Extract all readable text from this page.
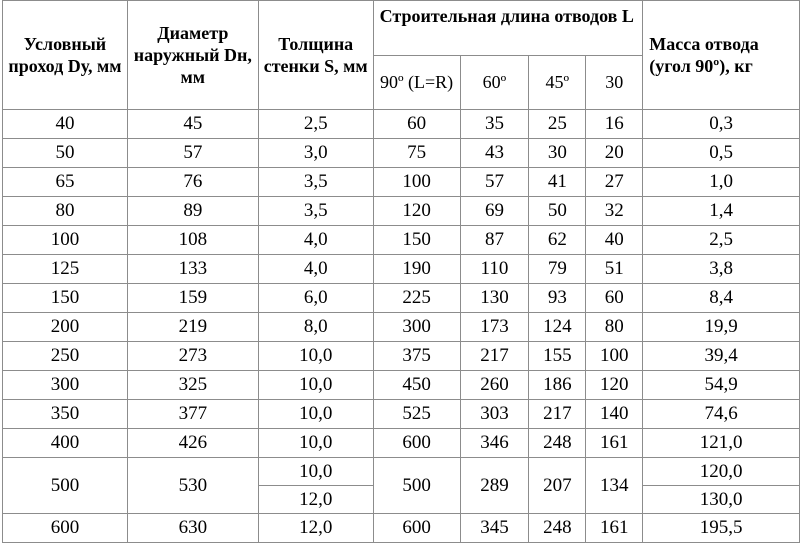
Условный проход Dу, мм	Диаметр наружный Dн, мм	Толщина стенки S, мм	Строительная длина отводов L				Масса отвода (угол 90º), кг
			90º (L=R)	60º	45º	30	
40	45	2,5	60	35	25	16	0,3
50	57	3,0	75	43	30	20	0,5
65	76	3,5	100	57	41	27	1,0
80	89	3,5	120	69	50	32	1,4
100	108	4,0	150	87	62	40	2,5
125	133	4,0	190	110	79	51	3,8
150	159	6,0	225	130	93	60	8,4
200	219	8,0	300	173	124	80	19,9
250	273	10,0	375	217	155	100	39,4
300	325	10,0	450	260	186	120	54,9
350	377	10,0	525	303	217	140	74,6
400	426	10,0	600	346	248	161	121,0
500	530	10,0	500	289	207	134	120,0
		12,0					130,0
600	630	12,0	600	345	248	161	195,5
